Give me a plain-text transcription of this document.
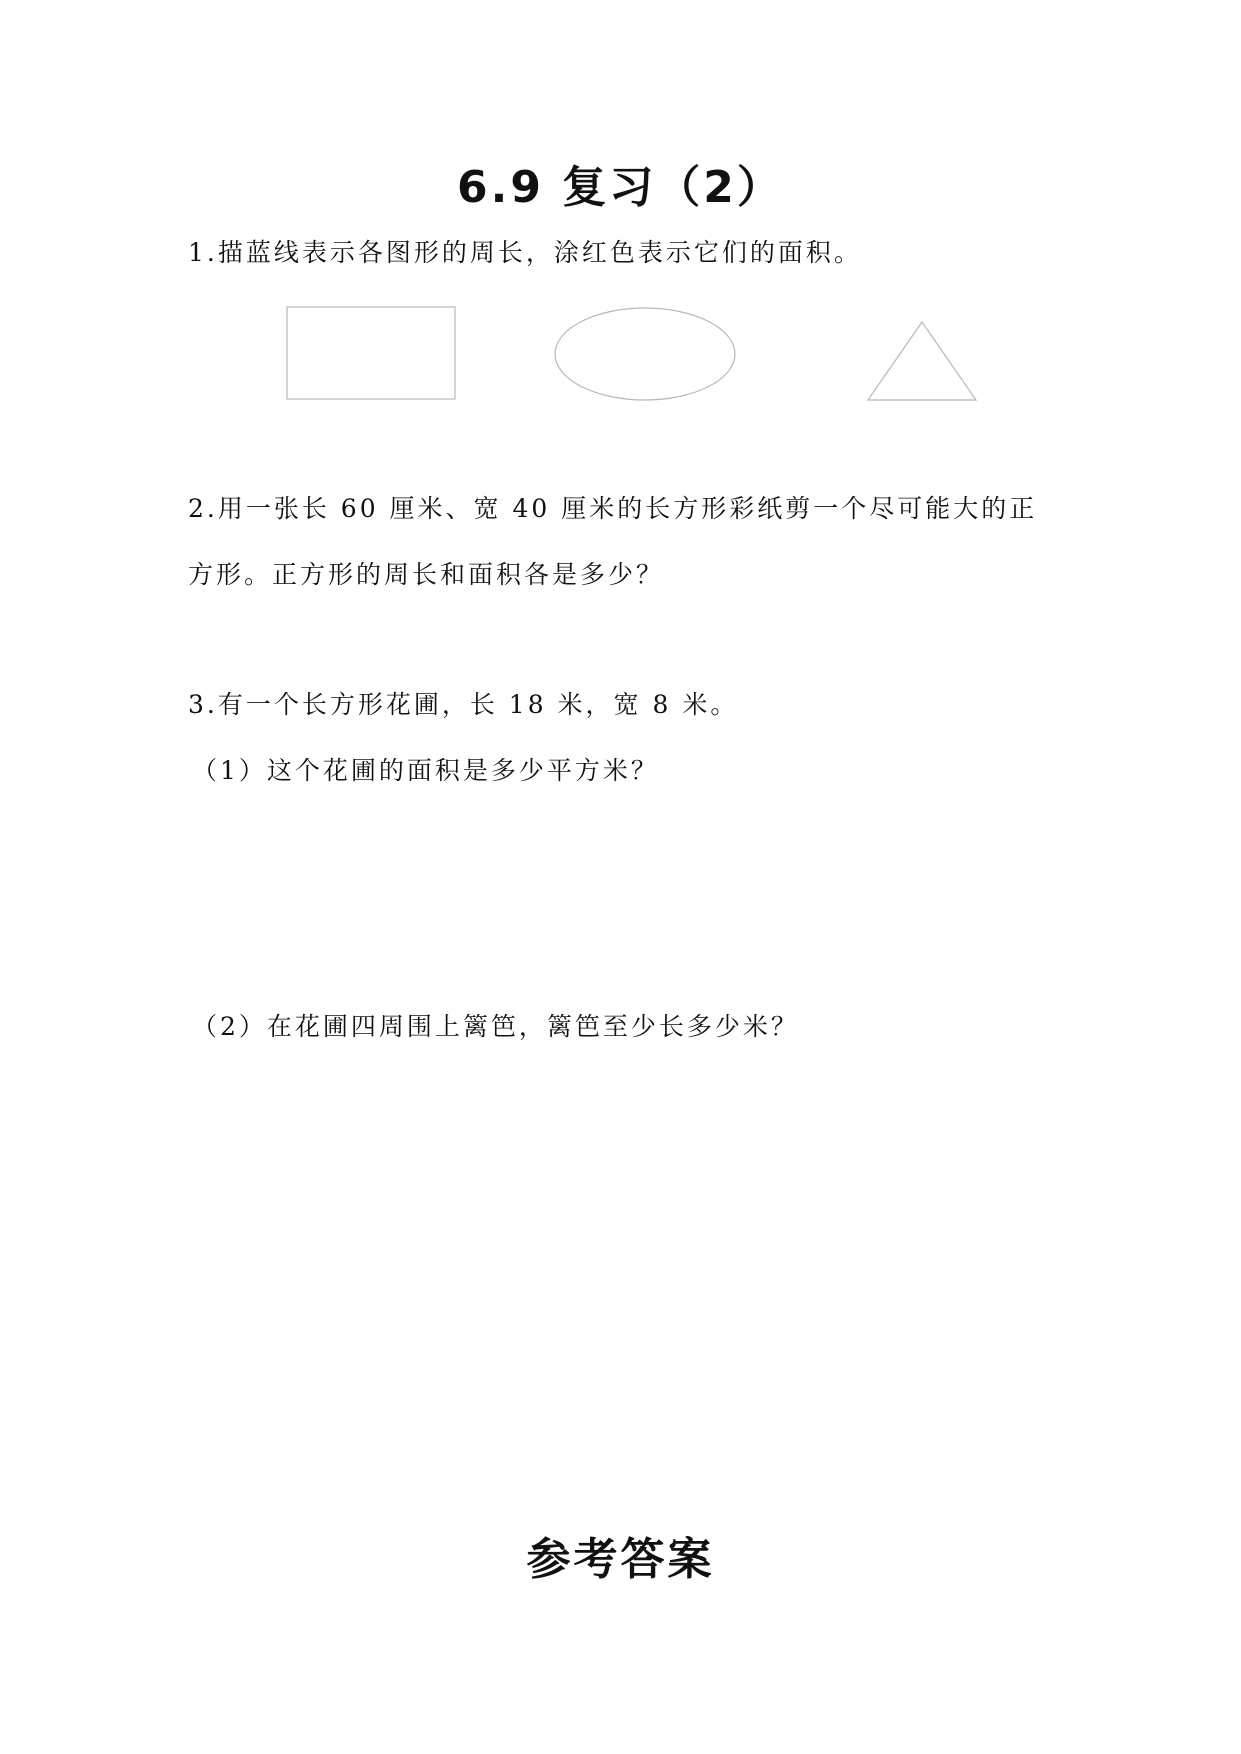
6.9 复习（2）
1.描蓝线表示各图形的周长，涂红色表示它们的面积。
2.用一张长 60 厘米、宽 40 厘米的长方形彩纸剪一个尽可能大的正
方形。正方形的周长和面积各是多少？
3.有一个长方形花圃，长 18 米，宽 8 米。
（1）这个花圃的面积是多少平方米？
（2）在花圃四周围上篱笆，篱笆至少长多少米？
参考答案
